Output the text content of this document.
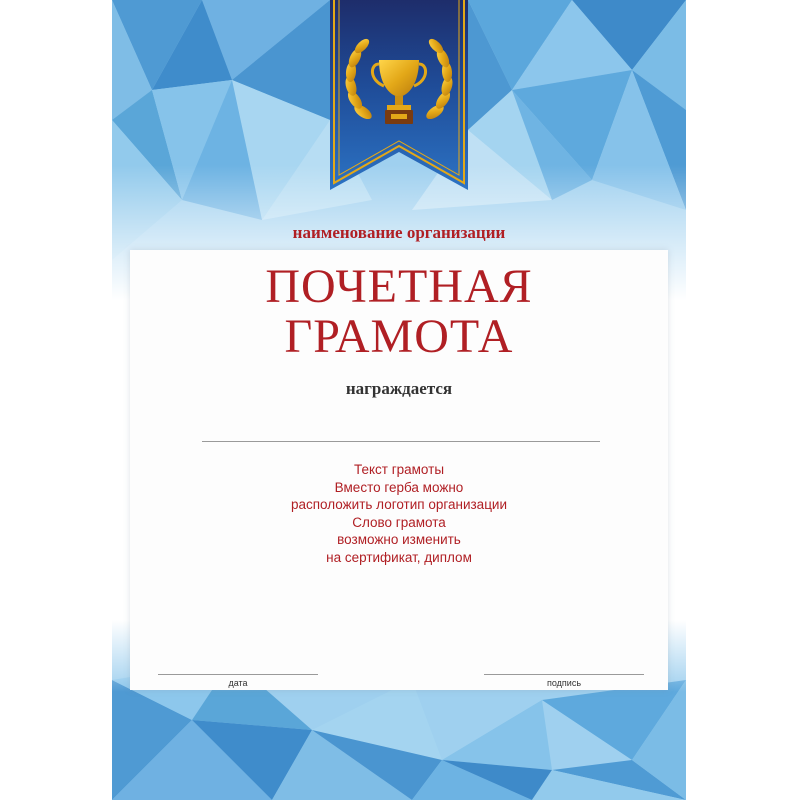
наименование организации
ПОЧЕТНАЯ
ГРАМОТА
награждается
Текст грамоты
Вместо герба можно
расположить логотип организации
Слово грамота
возможно изменить
на сертификат, диплом
дата	подпись
